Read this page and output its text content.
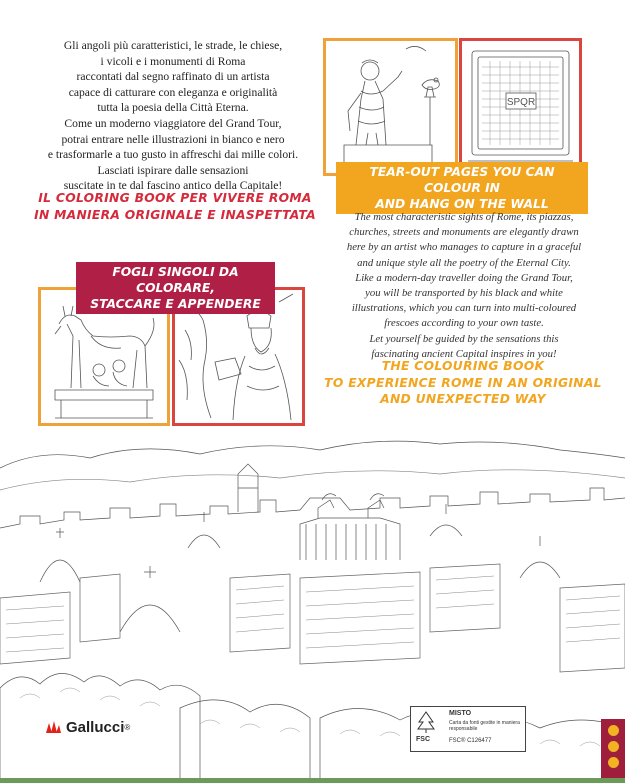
Gli angoli più caratteristici, le strade, le chiese,
i vicoli e i monumenti di Roma
raccontati dal segno raffinato di un artista
capace di catturare con eleganza e originalità
tutta la poesia della Città Eterna.
Come un moderno viaggiatore del Grand Tour,
potrai entrare nelle illustrazioni in bianco e nero
e trasformarle a tuo gusto in affreschi dai mille colori.
Lasciati ispirare dalle sensazioni
suscitate in te dal fascino antico della Capitale!
IL COLORING BOOK PER VIVERE ROMA
IN MANIERA ORIGINALE E INASPETTATA
SPQR
TEAR-OUT PAGES YOU CAN COLOUR IN
AND HANG ON THE WALL
The most characteristic sights of Rome, its piazzas,
churches, streets and monuments are elegantly drawn
here by an artist who manages to capture in a graceful
and unique style all the poetry of the Eternal City.
Like a modern-day traveller doing the Grand Tour,
you will be transported by his black and white
illustrations, which you can turn into multi-coloured
frescoes according to your own taste.
Let yourself be guided by the sensations this
fascinating ancient Capital inspires in you!
THE COLOURING BOOK
TO EXPERIENCE ROME IN AN ORIGINAL
AND UNEXPECTED WAY
FOGLI SINGOLI DA COLORARE,
STACCARE E APPENDERE
Gallucci ®
FSC
MISTO
Carta da fonti gestite in maniera responsabile
FSC® C126477
